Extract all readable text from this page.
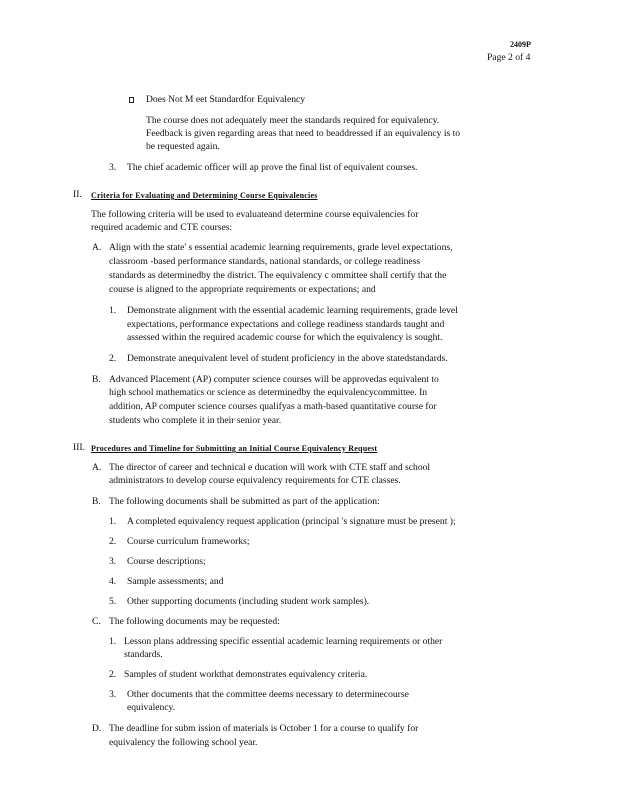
2409P
Page 2 of 4
Does Not M eet Standardfor Equivalency
The course does not adequately meet the standards required for equivalency.
Feedback is given regarding areas that need to beaddressed if an equivalency is to
be requested again.
3. The chief academic officer will ap prove the final list of equivalent courses.
II. Criteria for Evaluating and Determining Course Equivalencies
The following criteria will be used to evaluateand determine course equivalencies for
required academic and CTE courses:
A. Align with the state' s essential academic learning requirements, grade level expectations,
classroom -based performance standards, national standards, or college readiness
standards as determinedby the district. The equivalency c ommittee shall certify that the
course is aligned to the appropriate requirements or expectations; and
1. Demonstrate alignment with the essential academic learning requirements, grade level
expectations, performance expectations and college readiness standards taught and
assessed within the required academic course for which the equivalency is sought.
2. Demonstrate anequivalent level of student proficiency in the above statedstandards.
B. Advanced Placement (AP) computer science courses will be approvedas equivalent to
high school mathematics or science as determinedby the equivalencycommittee. In
addition, AP computer science courses qualifyas a math-based quantitative course for
students who complete it in their senior year.
III. Procedures and Timeline for Submitting an Initial Course Equivalency Request
A. The director of career and technical e ducation will work with CTE staff and school
administrators to develop course equivalency requirements for CTE classes.
B. The following documents shall be submitted as part of the application:
1. A completed equivalency request application (principal 's signature must be present );
2. Course curriculum frameworks;
3. Course descriptions;
4. Sample assessments; and
5. Other supporting documents (including student work samples).
C. The following documents may be requested:
1. Lesson plans addressing specific essential academic learning requirements or other
standards.
2. Samples of student workthat demonstrates equivalency criteria.
3. Other documents that the committee deems necessary to determinecourse
equivalency.
D. The deadline for subm ission of materials is October 1 for a course to qualify for
equivalency the following school year.
